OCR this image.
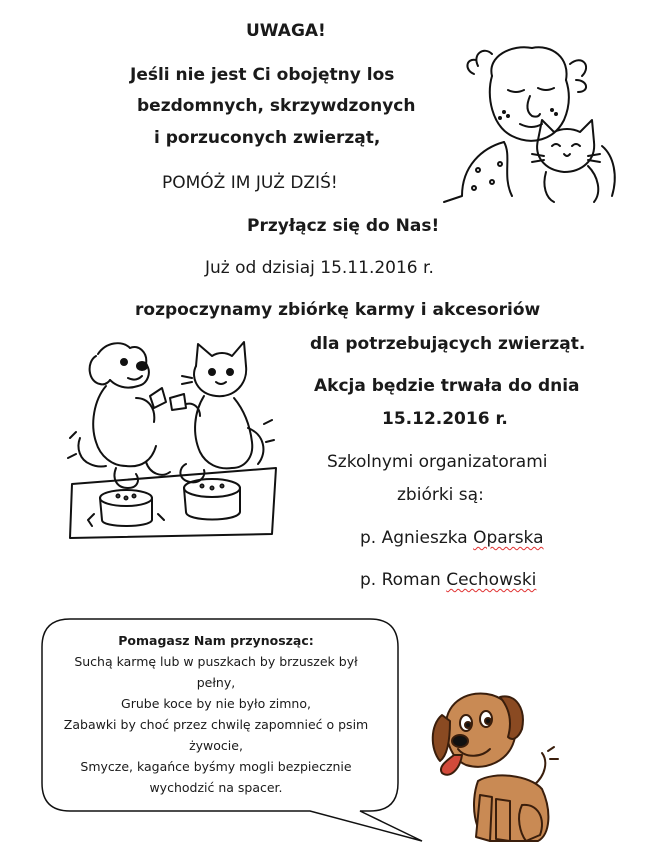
UWAGA!
Jeśli nie jest Ci obojętny los
bezdomnych, skrzywdzonych
i porzuconych zwierząt,
POMÓŻ IM JUŻ DZIŚ!
Przyłącz się do Nas!
Już od dzisiaj 15.11.2016 r.
rozpoczynamy zbiórkę karmy i akcesoriów
dla potrzebujących zwierząt.
Akcja będzie trwała do dnia
15.12.2016 r.
Szkolnymi organizatorami
zbiórki są:
p. Agnieszka Oparska
p. Roman Cechowski
Pomagasz Nam przynosząc:
Suchą karmę lub w puszkach by brzuszek był
pełny,
Grube koce by nie było zimno,
Zabawki by choć przez chwilę zapomnieć o psim
żywocie,
Smycze, kagańce byśmy mogli bezpiecznie
wychodzić na spacer.
